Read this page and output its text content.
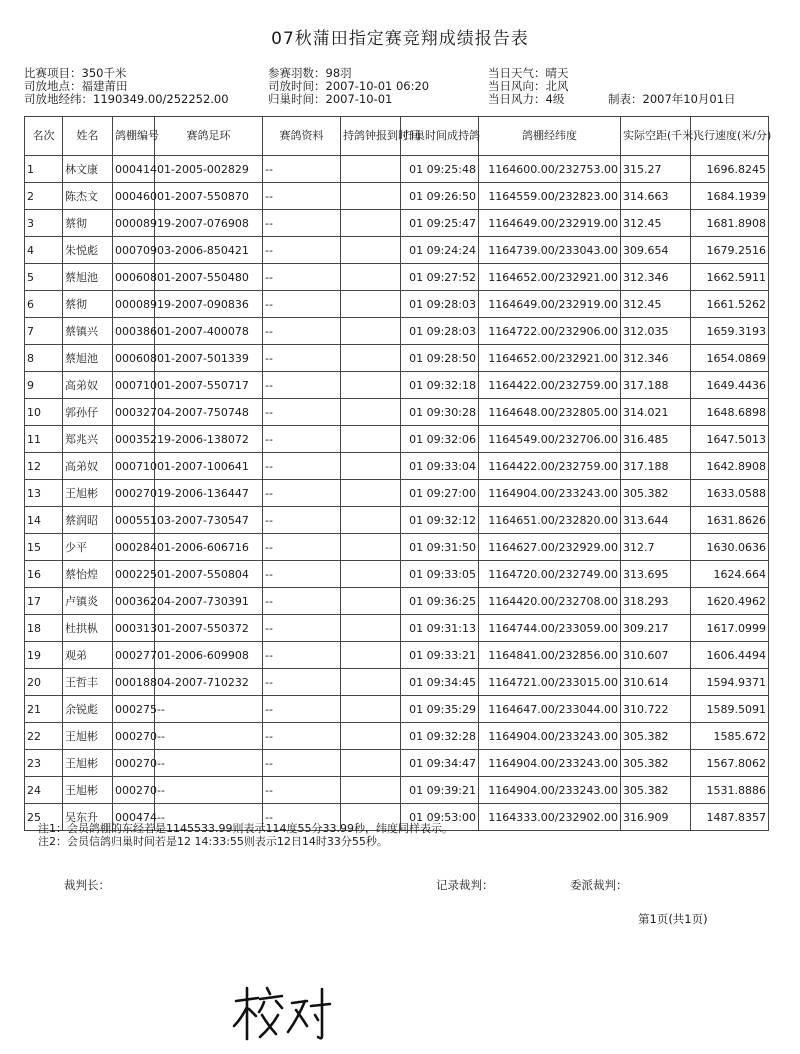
07秋蒲田指定赛竞翔成绩报告表
比赛项目：350千米
司放地点：福建莆田
司放地经纬：1190349.00/252252.00
参赛羽数：98羽
司放时间：2007-10-01 06:20
归巢时间：2007-10-01
当日天气：晴天
当日风向：北风
当日风力：4级	制表：2007年10月01日
名次	姓名	鸽棚编号	赛鸽足环	赛鸽资料	持鸽钟报到时间	归巢时间成持鸽	鸽棚经纬度	实际空距(千米)	飞行速度(米/分)
1	林文康	000414	01-2005-002829	--		01 09:25:48	1164600.00/232753.00	315.27	1696.8245
2	陈杰文	000460	01-2007-550870	--		01 09:26:50	1164559.00/232823.00	314.663	1684.1939
3	蔡彻	000089	19-2007-076908	--		01 09:25:47	1164649.00/232919.00	312.45	1681.8908
4	朱悦彪	000709	03-2006-850421	--		01 09:24:24	1164739.00/233043.00	309.654	1679.2516
5	蔡旭池	000608	01-2007-550480	--		01 09:27:52	1164652.00/232921.00	312.346	1662.5911
6	蔡彻	000089	19-2007-090836	--		01 09:28:03	1164649.00/232919.00	312.45	1661.5262
7	蔡镇兴	000386	01-2007-400078	--		01 09:28:03	1164722.00/232906.00	312.035	1659.3193
8	蔡旭池	000608	01-2007-501339	--		01 09:28:50	1164652.00/232921.00	312.346	1654.0869
9	高弟奴	000710	01-2007-550717	--		01 09:32:18	1164422.00/232759.00	317.188	1649.4436
10	郭孙仔	000327	04-2007-750748	--		01 09:30:28	1164648.00/232805.00	314.021	1648.6898
11	郑兆兴	000352	19-2006-138072	--		01 09:32:06	1164549.00/232706.00	316.485	1647.5013
12	高弟奴	000710	01-2007-100641	--		01 09:33:04	1164422.00/232759.00	317.188	1642.8908
13	王旭彬	000270	19-2006-136447	--		01 09:27:00	1164904.00/233243.00	305.382	1633.0588
14	蔡润昭	000551	03-2007-730547	--		01 09:32:12	1164651.00/232820.00	313.644	1631.8626
15	少平	000284	01-2006-606716	--		01 09:31:50	1164627.00/232929.00	312.7	1630.0636
16	蔡怡煌	000225	01-2007-550804	--		01 09:33:05	1164720.00/232749.00	313.695	1624.664
17	卢镇炎	000362	04-2007-730391	--		01 09:36:25	1164420.00/232708.00	318.293	1620.4962
18	杜拱枞	000313	01-2007-550372	--		01 09:31:13	1164744.00/233059.00	309.217	1617.0999
19	观弟	000277	01-2006-609908	--		01 09:33:21	1164841.00/232856.00	310.607	1606.4494
20	王哲丰	000188	04-2007-710232	--		01 09:34:45	1164721.00/233015.00	310.614	1594.9371
21	余锐彪	000275	--	--		01 09:35:29	1164647.00/233044.00	310.722	1589.5091
22	王旭彬	000270	--	--		01 09:32:28	1164904.00/233243.00	305.382	1585.672
23	王旭彬	000270	--	--		01 09:34:47	1164904.00/233243.00	305.382	1567.8062
24	王旭彬	000270	--	--		01 09:39:21	1164904.00/233243.00	305.382	1531.8886
25	吴东升	000474	--	--		01 09:53:00	1164333.00/232902.00	316.909	1487.8357
注1：会员鸽棚的东经若是1145533.99则表示114度55分33.99秒，纬度同样表示。
注2：会员信鸽归巢时间若是12 14:33:55则表示12日14时33分55秒。
裁判长：	记录裁判：	委派裁判：
第1页(共1页)
